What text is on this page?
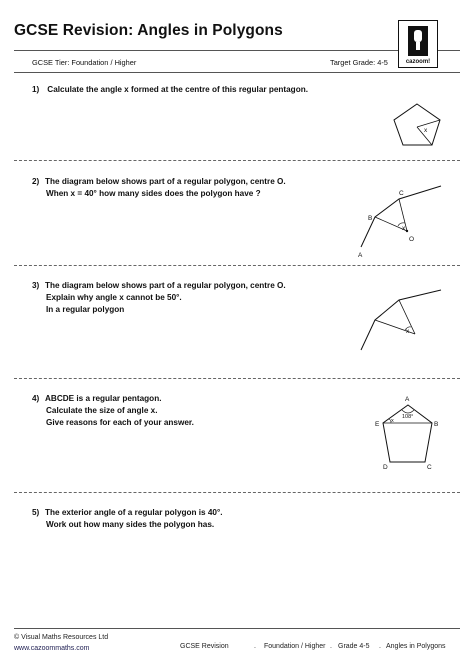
GCSE Revision: Angles in Polygons
GCSE Tier: Foundation / Higher	Target Grade: 4-5	cazoom!
1) Calculate the angle x formed at the centre of this regular pentagon.
x
2) The diagram below shows part of a regular polygon, centre O.
When x = 40° how many sides does the polygon have ?
A
B
C
O
x
3) The diagram below shows part of a regular polygon, centre O.
Explain why angle x cannot be 50°.
In a regular polygon
x
4) ABCDE is a regular pentagon.
Calculate the size of angle x.
Give reasons for each of your answer.
A
B
C
D
E
108°
x
5) The exterior angle of a regular polygon is 40°.
Work out how many sides the polygon has.
© Visual Maths Resources Ltd
www.cazoommaths.com	GCSE Revision	. Foundation / Higher . Grade 4-5 . Angles in Polygons
